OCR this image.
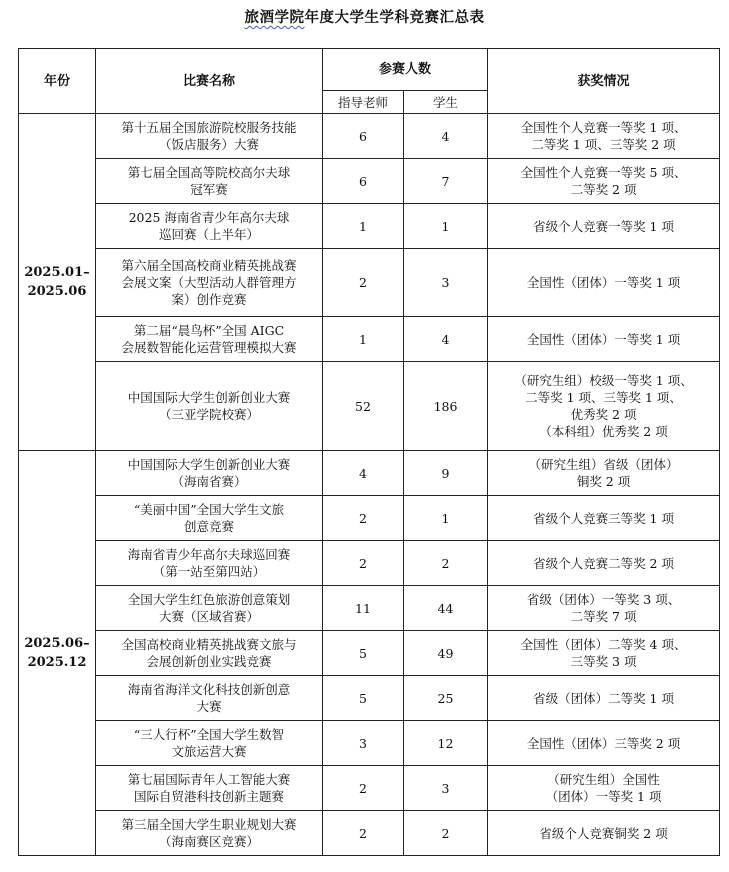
旅酒学院年度大学生学科竞赛汇总表
年份	比赛名称	参赛人数		获奖情况
		指导老师	学生	

2025.01–
2025.06	第十五届全国旅游院校服务技能
（饭店服务）大赛	6	4	全国性个人竞赛一等奖 1 项、
二等奖 1 项、三等奖 2 项

	第七届全国高等院校高尔夫球
冠军赛	6	7	全国性个人竞赛一等奖 5 项、
二等奖 2 项

	2025 海南省青少年高尔夫球
巡回赛（上半年）	1	1	省级个人竞赛一等奖 1 项

	第六届全国高校商业精英挑战赛
会展文案（大型活动人群管理方
案）创作竞赛	2	3	全国性（团体）一等奖 1 项

	第二届“晨鸟杯”全国 AIGC
会展数智能化运营管理模拟大赛	1	4	全国性（团体）一等奖 1 项

	中国国际大学生创新创业大赛
（三亚学院校赛）	52	186	（研究生组）校级一等奖 1 项、
二等奖 1 项、三等奖 1 项、
优秀奖 2 项
（本科组）优秀奖 2 项

2025.06–
2025.12	中国国际大学生创新创业大赛
（海南省赛）	4	9	（研究生组）省级（团体）
铜奖 2 项

	“美丽中国”全国大学生文旅
创意竞赛	2	1	省级个人竞赛三等奖 1 项

	海南省青少年高尔夫球巡回赛
（第一站至第四站）	2	2	省级个人竞赛二等奖 2 项

	全国大学生红色旅游创意策划
大赛（区域省赛）	11	44	省级（团体）一等奖 3 项、
二等奖 7 项

	全国高校商业精英挑战赛文旅与
会展创新创业实践竞赛	5	49	全国性（团体）二等奖 4 项、
三等奖 3 项

	海南省海洋文化科技创新创意
大赛	5	25	省级（团体）二等奖 1 项

	“三人行杯”全国大学生数智
文旅运营大赛	3	12	全国性（团体）三等奖 2 项

	第七届国际青年人工智能大赛
国际自贸港科技创新主题赛	2	3	（研究生组）全国性
（团体）一等奖 1 项

	第三届全国大学生职业规划大赛
（海南赛区竞赛）	2	2	省级个人竞赛铜奖 2 项
